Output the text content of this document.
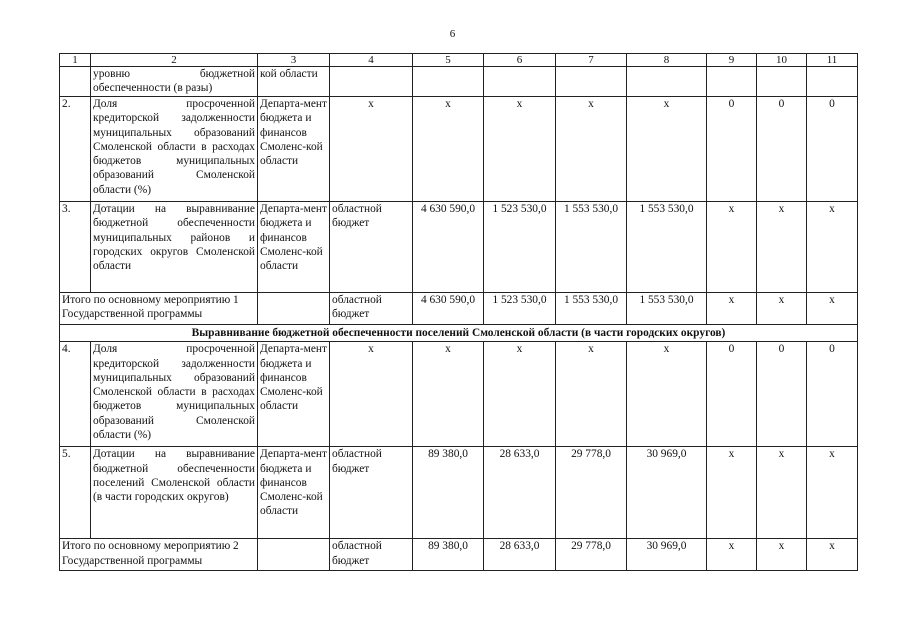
6
1	2	3	4	5	6	7	8	9	10	11
	уровню бюджетной обеспеченности (в разы)	кой области								
2.	Доля просроченной кредиторской задолженности муниципальных образований Смоленской области в расходах бюджетов муниципальных образований Смоленской области (%)	Департа-мент бюджета и финансов Смоленс-кой области	х	х	х	х	х	0	0	0
3.	Дотации на выравнивание бюджетной обеспеченности муниципальных районов и городских округов Смоленской области	Департа-мент бюджета и финансов Смоленс-кой области	областной бюджет	4 630 590,0	1 523 530,0	1 553 530,0	1 553 530,0	х	х	х
Итого по основному мероприятию 1 Государственной программы			областной бюджет	4 630 590,0	1 523 530,0	1 553 530,0	1 553 530,0	х	х	х
Выравнивание бюджетной обеспеченности поселений Смоленской области (в части городских округов)										
4.	Доля просроченной кредиторской задолженности муниципальных образований Смоленской области в расходах бюджетов муниципальных образований Смоленской области (%)	Департа-мент бюджета и финансов Смоленс-кой области	х	х	х	х	х	0	0	0
5.	Дотации на выравнивание бюджетной обеспеченности поселений Смоленской области (в части городских округов)	Департа-мент бюджета и финансов Смоленс-кой области	областной бюджет	89 380,0	28 633,0	29 778,0	30 969,0	х	х	х
Итого по основному мероприятию 2 Государственной программы			областной бюджет	89 380,0	28 633,0	29 778,0	30 969,0	х	х	х
